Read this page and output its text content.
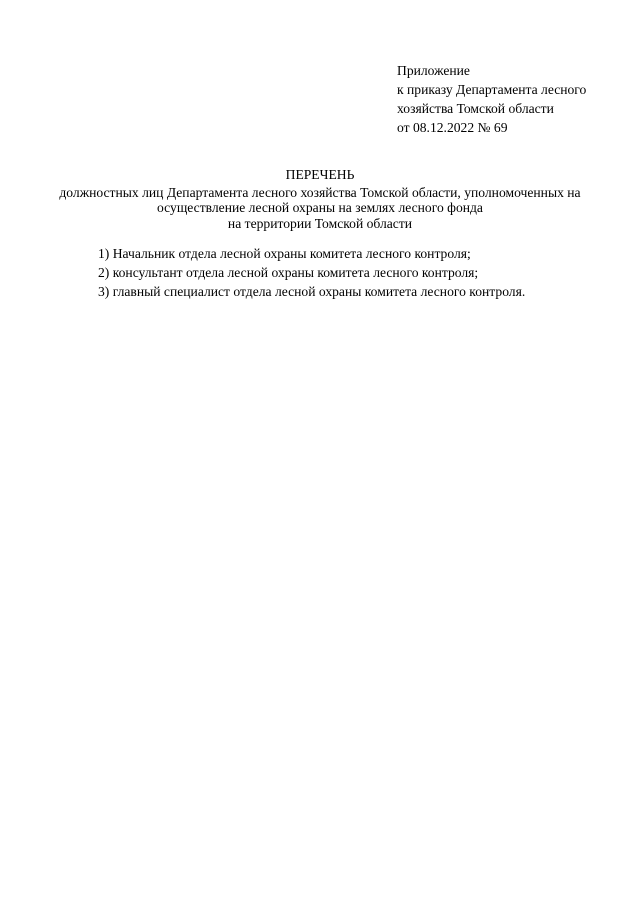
Приложение
к приказу Департамента лесного
хозяйства Томской области
от 08.12.2022 № 69
ПЕРЕЧЕНЬ
должностных лиц Департамента лесного хозяйства Томской области, уполномоченных на
осуществление лесной охраны на землях лесного фонда
на территории Томской области
1) Начальник отдела лесной охраны комитета лесного контроля;
2) консультант отдела лесной охраны комитета лесного контроля;
3) главный специалист отдела лесной охраны комитета лесного контроля.
